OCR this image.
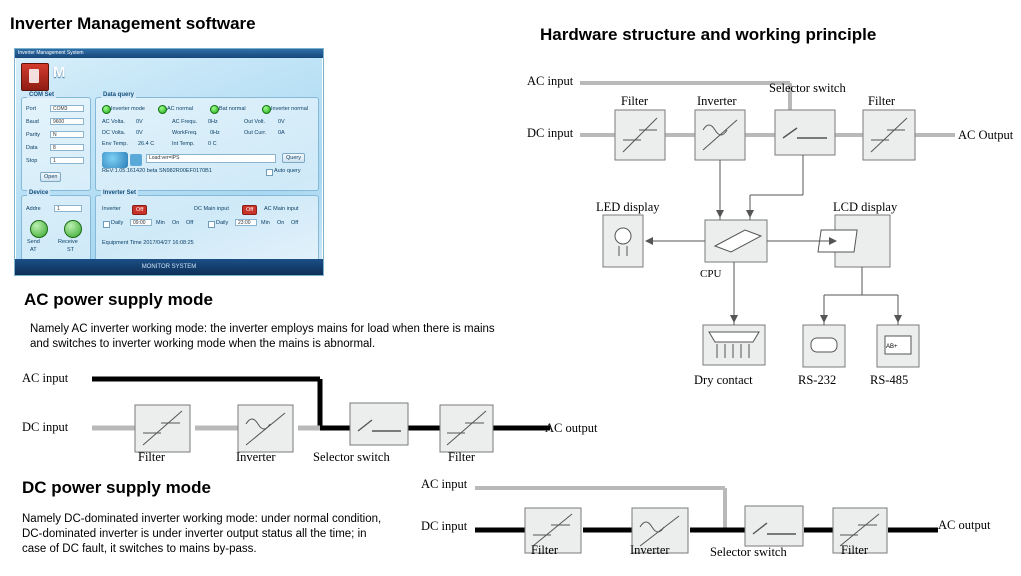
Inverter Management software
Hardware structure and working principle
AC power supply mode
DC power supply mode
Namely AC inverter working mode: the inverter employs mains for load when there is mains and switches to inverter working mode when the mains is abnormal.
Namely DC-dominated inverter working mode: under normal condition, DC-dominated inverter is under inverter output status all the time; in case of DC fault, it switches to mains by-pass.
Inverter Management System
M
COM Set
Port	COM3
Baud	9600
Parity	N
Data	8
Stop	1
Open
Device
Addre	1
Send
AT
Receive
ST
Data query
Inverter mode	AC normal	Bat normal	Inverter normal
AC Volta. 0V	AC Frequ. 0Hz	Out Volt. 0V
DC Volta. 0V	WorkFreq. 0Hz	Out Curr. 0A
Env Temp. 26.4 C	Int Temp. 0 C
Load:ver=IPS	Query
REV:1.05.161420 beta SN982R00EF0170B1	Auto query
Inverter Set
Inverter	Off	DC Main input	Off	AC Main input
Daily	09:00	Min On Off	Daily	23:00	Min On Off
Equipment Time 2017/04/27 16:08:25
MONITOR SYSTEM
AC input
DC input
Filter	Inverter
Selector switch
Filter
AC Output
LED display	LCD display
CPU
Dry contact	RS-232	RS-485
AB+
AC input
DC input
Filter	Inverter	Selector switch	Filter
AC output
AC input
DC input
Filter	Inverter	Selector switch	Filter
AC output
